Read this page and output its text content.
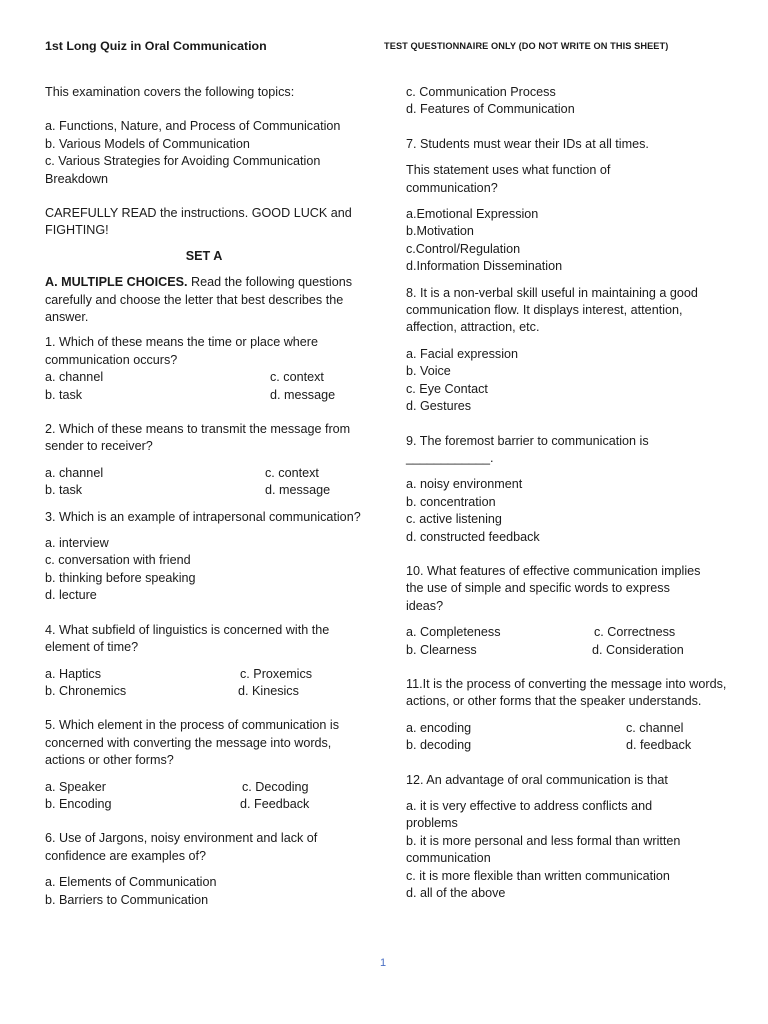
1st Long Quiz in Oral Communication	TEST QUESTIONNAIRE ONLY (DO NOT WRITE ON THIS SHEET)
This examination covers the following topics:
a. Functions, Nature, and Process of Communication
b. Various Models of Communication
c. Various Strategies for Avoiding Communication Breakdown
CAREFULLY READ the instructions. GOOD LUCK and FIGHTING!
SET A
A. MULTIPLE CHOICES. Read the following questions carefully and choose the letter that best describes the answer.
1. Which of these means the time or place where communication occurs?
a. channel	c. context
b. task	d. message
2. Which of these means to transmit the message from sender to receiver?
a. channel	c. context
b. task	d. message
3. Which is an example of intrapersonal communication?
a. interview
c. conversation with friend
b. thinking before speaking
d. lecture
4. What subfield of linguistics is concerned with the element of time?
a. Haptics	c. Proxemics
b. Chronemics	d. Kinesics
5. Which element in the process of communication is concerned with converting the message into words, actions or other forms?
a. Speaker	c. Decoding
b. Encoding	d. Feedback
6. Use of Jargons, noisy environment and lack of confidence are examples of?
a. Elements of Communication
b. Barriers to Communication
c. Communication Process
d. Features of Communication
7. Students must wear their IDs at all times.
This statement uses what function of communication?
a.Emotional Expression
b.Motivation
c.Control/Regulation
d.Information Dissemination
8. It is a non-verbal skill useful in maintaining a good communication flow. It displays interest, attention, affection, attraction, etc.
a. Facial expression
b. Voice
c. Eye Contact
d. Gestures
9. The foremost barrier to communication is
____________.
a. noisy environment
b. concentration
c. active listening
d. constructed feedback
10. What features of effective communication implies the use of simple and specific words to express ideas?
a. Completeness	c. Correctness
b. Clearness	d. Consideration
11.It is the process of converting the message into words, actions, or other forms that the speaker understands.
a. encoding	c. channel
b. decoding	d. feedback
12. An advantage of oral communication is that
a. it is very effective to address conflicts and problems
b. it is more personal and less formal than written communication
c. it is more flexible than written communication
d. all of the above
1
